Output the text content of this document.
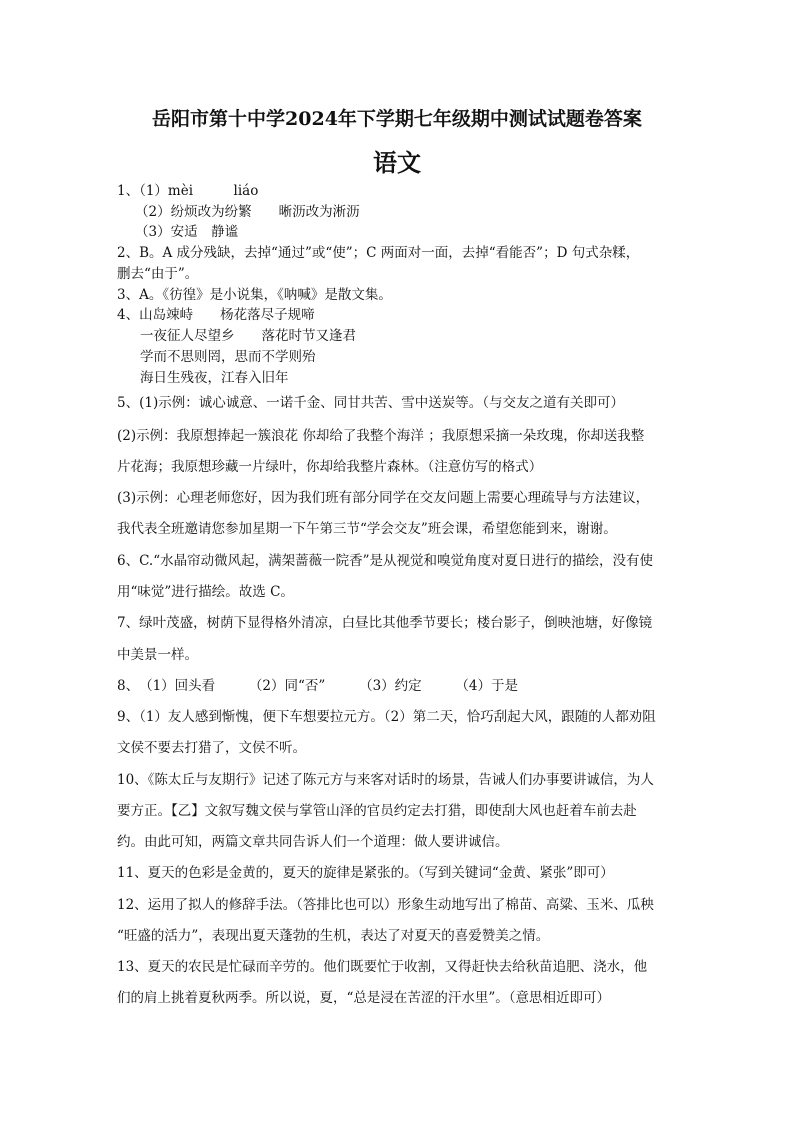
岳阳市第十中学2024年下学期七年级期中测试试题卷答案
语文
1、（1）mèi　　　liáo
（2）纷烦改为纷繁　　晰沥改为淅沥
（3）安适　静谧
2、B。A 成分残缺，去掉“通过”或“使”；C 两面对一面，去掉“看能否”；D 句式杂糅，
删去“由于”。
3、A。《彷徨》是小说集，《呐喊》是散文集。
4、山岛竦峙　　杨花落尽子规啼
一夜征人尽望乡　　落花时节又逢君
学而不思则罔，思而不学则殆
海日生残夜，江春入旧年
5、(1)示例：诚心诚意、一诺千金、同甘共苦、雪中送炭等。（与交友之道有关即可）
(2)示例：我原想捧起一簇浪花 你却给了我整个海洋 ；我原想采摘一朵玫瑰，你却送我整
片花海；我原想珍藏一片绿叶，你却给我整片森林。（注意仿写的格式）
(3)示例：心理老师您好，因为我们班有部分同学在交友问题上需要心理疏导与方法建议，
我代表全班邀请您参加星期一下午第三节“学会交友”班会课，希望您能到来，谢谢。
6、C.“水晶帘动微风起，满架蔷薇一院香”是从视觉和嗅觉角度对夏日进行的描绘，没有使
用“味觉”进行描绘。故选 C。
7、绿叶茂盛，树荫下显得格外清凉，白昼比其他季节要长；楼台影子，倒映池塘，好像镜
中美景一样。
8、　（1）回头看　　　（2）同“否”　　　（3）约定　　　（4）于是
9、（1）友人感到惭愧，便下车想要拉元方。（2）第二天，恰巧刮起大风，跟随的人都劝阻
文侯不要去打猎了，文侯不听。
10、《陈太丘与友期行》记述了陈元方与来客对话时的场景，告诫人们办事要讲诚信，为人
要方正。【乙】文叙写魏文侯与掌管山泽的官员约定去打猎，即使刮大风也赶着车前去赴
约。由此可知，两篇文章共同告诉人们一个道理：做人要讲诚信。
11、夏天的色彩是金黄的，夏天的旋律是紧张的。（写到关键词“金黄、紧张”即可）
12、运用了拟人的修辞手法。（答排比也可以）形象生动地写出了棉苗、高粱、玉米、瓜秧
“旺盛的活力”，表现出夏天蓬勃的生机，表达了对夏天的喜爱赞美之情。
13、夏天的农民是忙碌而辛劳的。他们既要忙于收割，又得赶快去给秋苗追肥、浇水，他
们的肩上挑着夏秋两季。所以说，夏，“总是浸在苦涩的汗水里”。（意思相近即可）
